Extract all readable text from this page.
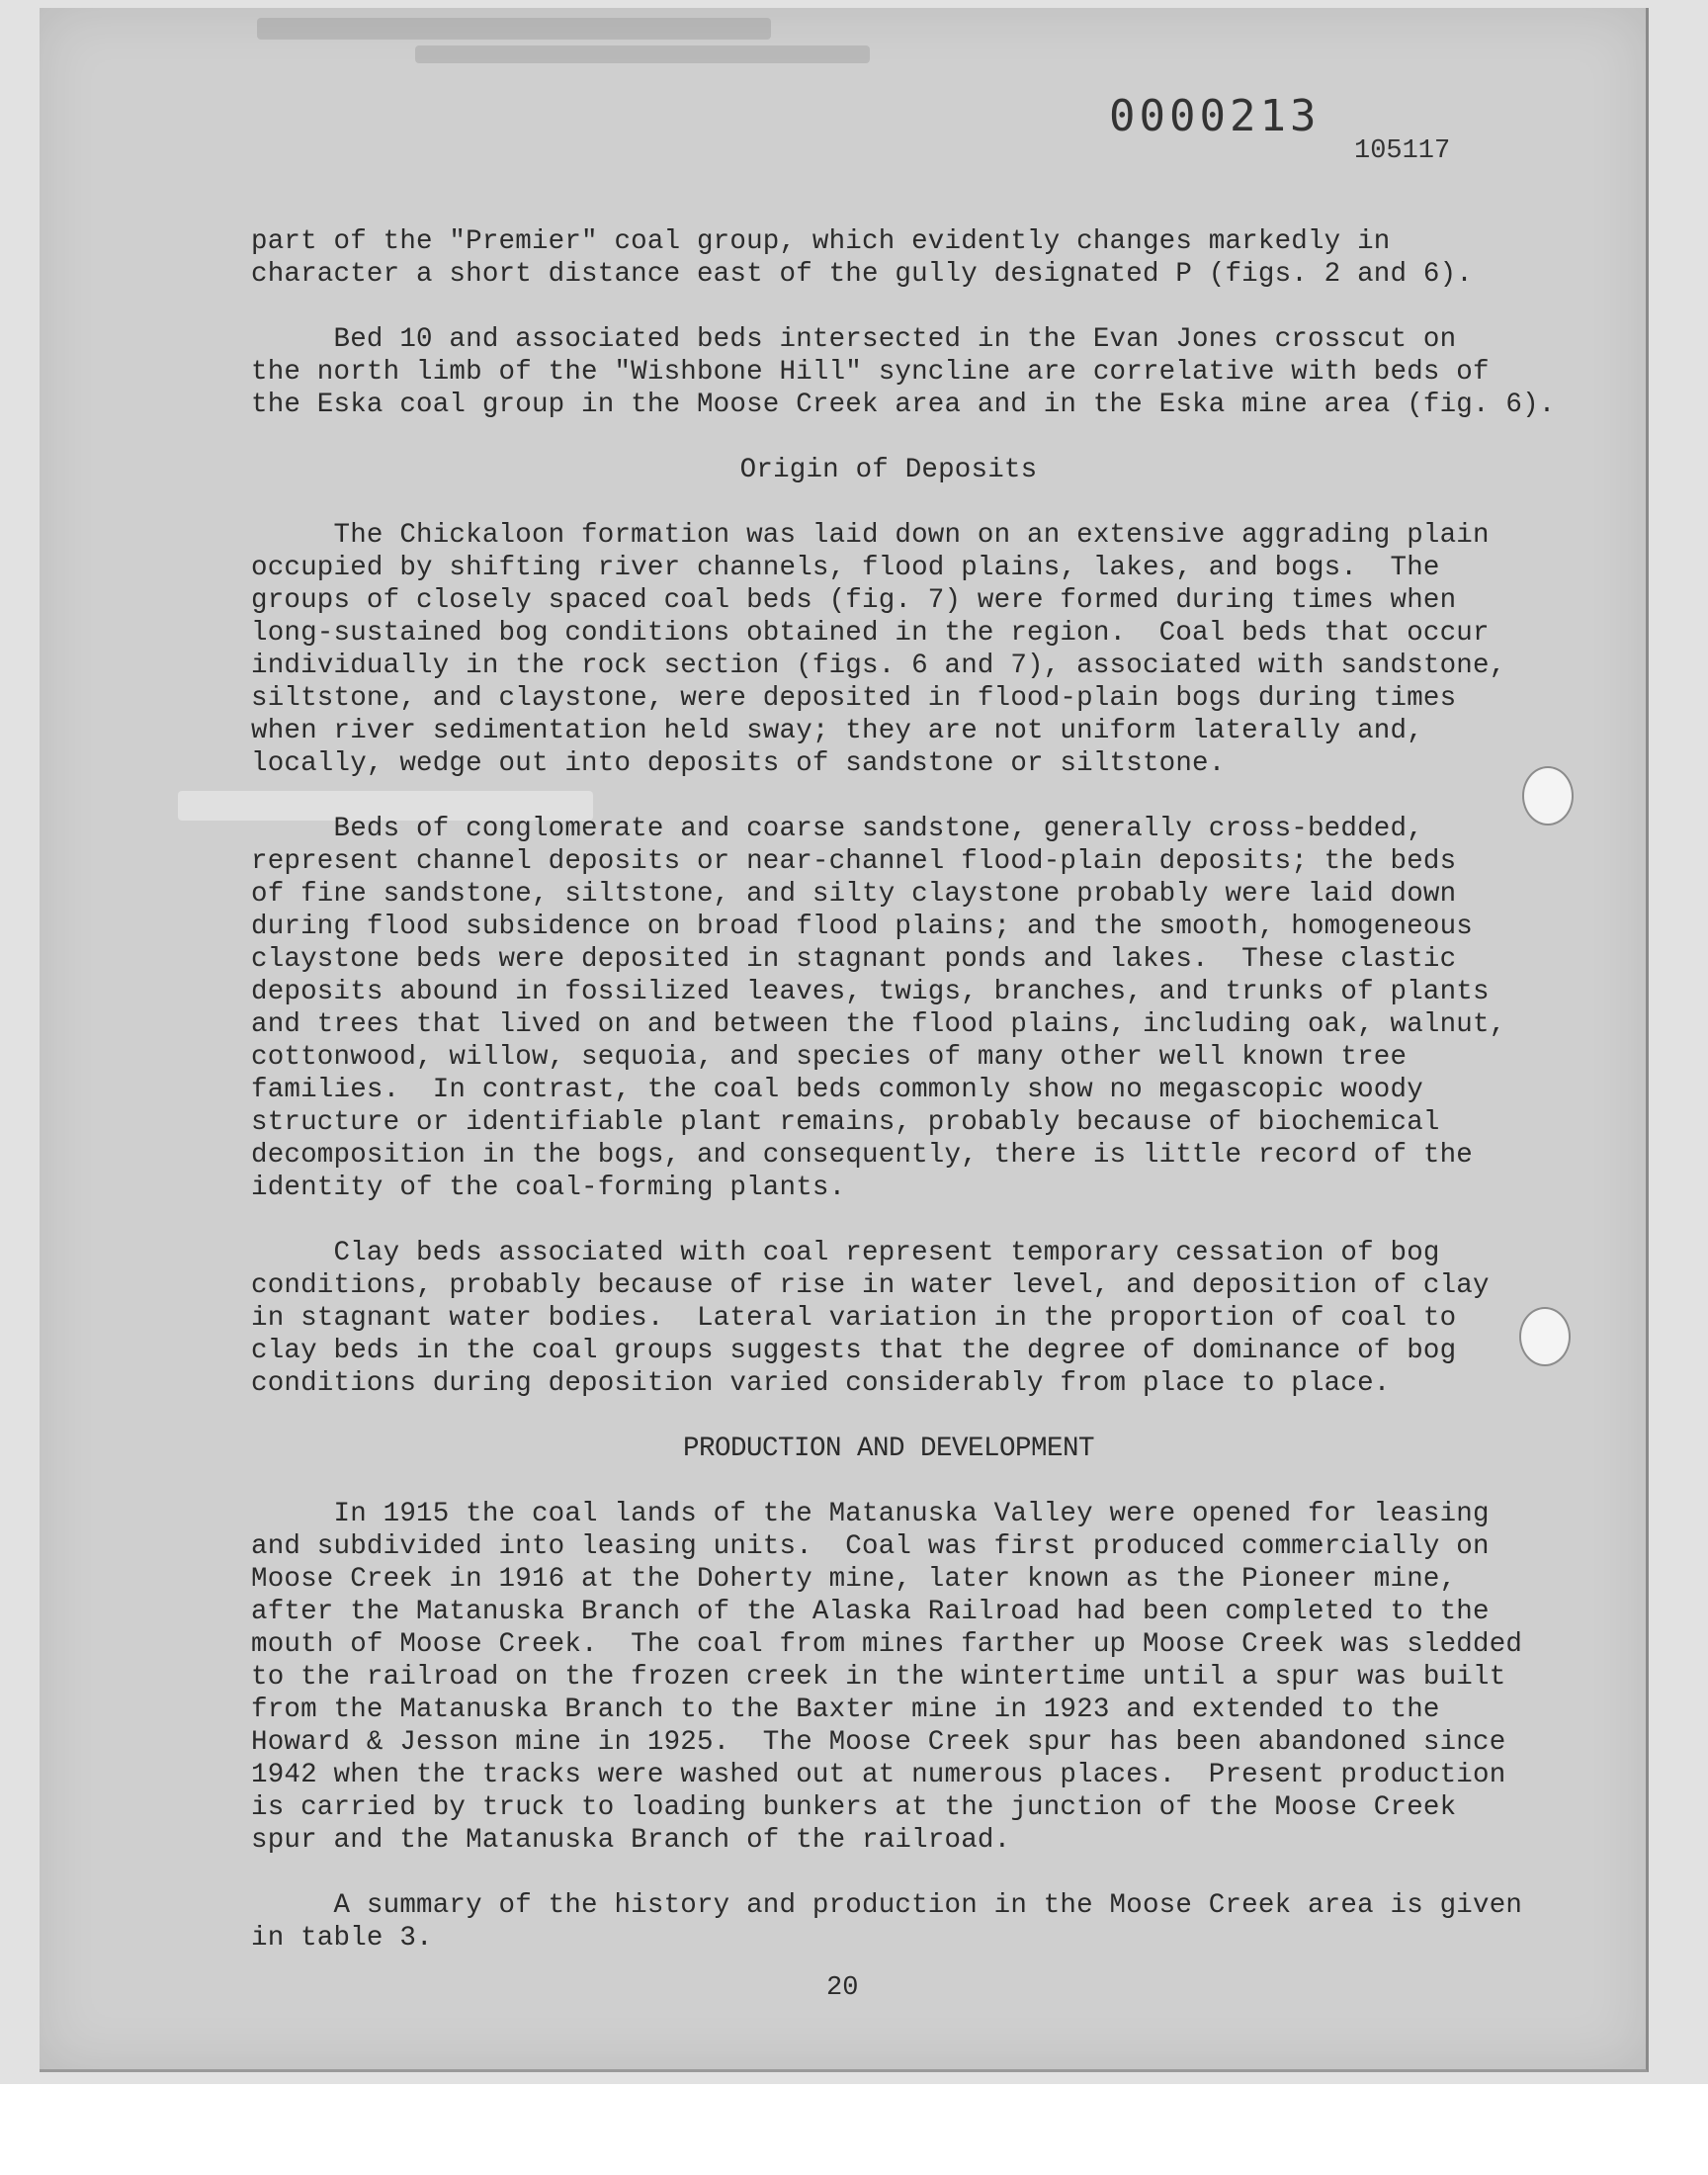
0000213
105117
part of the "Premier" coal group, which evidently changes markedly in
character a short distance east of the gully designated P (figs. 2 and 6).
Bed 10 and associated beds intersected in the Evan Jones crosscut on
the north limb of the "Wishbone Hill" syncline are correlative with beds of
the Eska coal group in the Moose Creek area and in the Eska mine area (fig. 6).
Origin of Deposits
The Chickaloon formation was laid down on an extensive aggrading plain
occupied by shifting river channels, flood plains, lakes, and bogs.  The
groups of closely spaced coal beds (fig. 7) were formed during times when
long-sustained bog conditions obtained in the region.  Coal beds that occur
individually in the rock section (figs. 6 and 7), associated with sandstone,
siltstone, and claystone, were deposited in flood-plain bogs during times
when river sedimentation held sway; they are not uniform laterally and,
locally, wedge out into deposits of sandstone or siltstone.
Beds of conglomerate and coarse sandstone, generally cross-bedded,
represent channel deposits or near-channel flood-plain deposits; the beds
of fine sandstone, siltstone, and silty claystone probably were laid down
during flood subsidence on broad flood plains; and the smooth, homogeneous
claystone beds were deposited in stagnant ponds and lakes.  These clastic
deposits abound in fossilized leaves, twigs, branches, and trunks of plants
and trees that lived on and between the flood plains, including oak, walnut,
cottonwood, willow, sequoia, and species of many other well known tree
families.  In contrast, the coal beds commonly show no megascopic woody
structure or identifiable plant remains, probably because of biochemical
decomposition in the bogs, and consequently, there is little record of the
identity of the coal-forming plants.
Clay beds associated with coal represent temporary cessation of bog
conditions, probably because of rise in water level, and deposition of clay
in stagnant water bodies.  Lateral variation in the proportion of coal to
clay beds in the coal groups suggests that the degree of dominance of bog
conditions during deposition varied considerably from place to place.
PRODUCTION AND DEVELOPMENT
In 1915 the coal lands of the Matanuska Valley were opened for leasing
and subdivided into leasing units.  Coal was first produced commercially on
Moose Creek in 1916 at the Doherty mine, later known as the Pioneer mine,
after the Matanuska Branch of the Alaska Railroad had been completed to the
mouth of Moose Creek.  The coal from mines farther up Moose Creek was sledded
to the railroad on the frozen creek in the wintertime until a spur was built
from the Matanuska Branch to the Baxter mine in 1923 and extended to the
Howard & Jesson mine in 1925.  The Moose Creek spur has been abandoned since
1942 when the tracks were washed out at numerous places.  Present production
is carried by truck to loading bunkers at the junction of the Moose Creek
spur and the Matanuska Branch of the railroad.
A summary of the history and production in the Moose Creek area is given
in table 3.
20
